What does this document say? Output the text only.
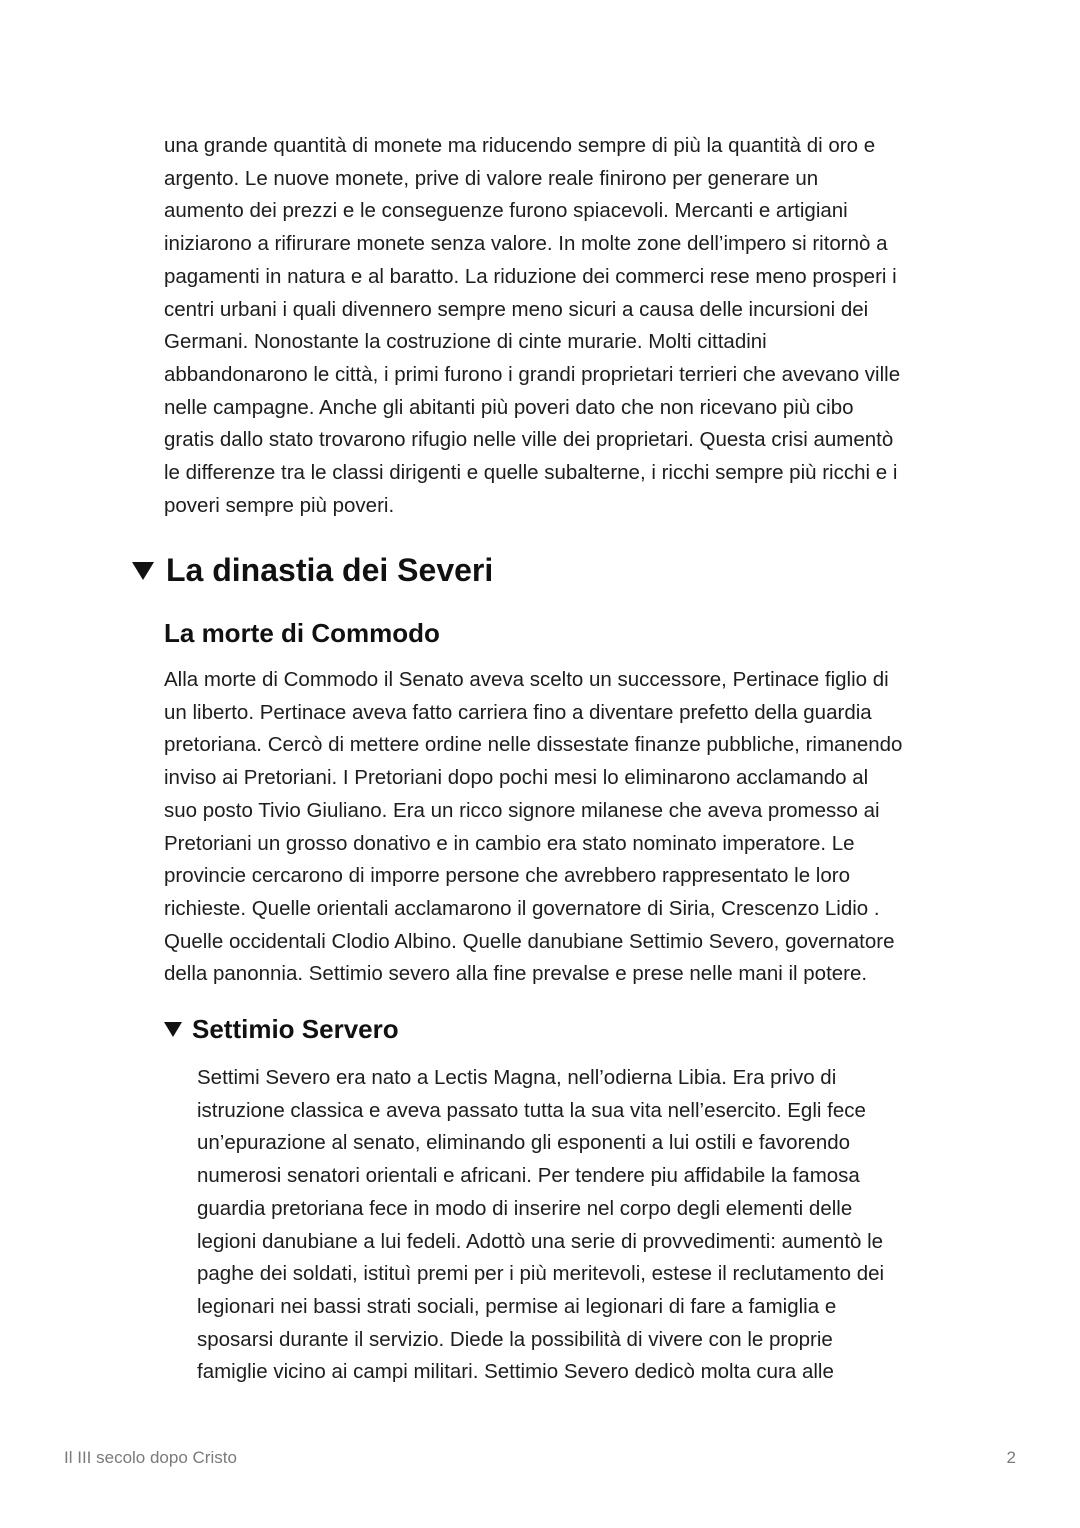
una grande quantità di monete ma riducendo sempre di più la quantità di oro e
argento. Le nuove monete, prive di valore reale finirono per generare un
aumento dei prezzi e le conseguenze furono spiacevoli. Mercanti e artigiani
iniziarono a rifirurare monete senza valore. In molte zone dell’impero si ritornò a
pagamenti in natura e al baratto. La riduzione dei commerci rese meno prosperi i
centri urbani i quali divennero sempre meno sicuri a causa delle incursioni dei
Germani. Nonostante la costruzione di cinte murarie. Molti cittadini
abbandonarono le città, i primi furono i grandi proprietari terrieri che avevano ville
nelle campagne. Anche gli abitanti più poveri dato che non ricevano più cibo
gratis dallo stato trovarono rifugio nelle ville dei proprietari. Questa crisi aumentò
le differenze tra le classi dirigenti e quelle subalterne, i ricchi sempre più ricchi e i
poveri sempre più poveri.

La dinastia dei Severi
La morte di Commodo

Alla morte di Commodo il Senato aveva scelto un successore, Pertinace figlio di
un liberto. Pertinace aveva fatto carriera fino a diventare prefetto della guardia
pretoriana. Cercò di mettere ordine nelle dissestate finanze pubbliche, rimanendo
inviso ai Pretoriani. I Pretoriani dopo pochi mesi lo eliminarono acclamando al
suo posto Tivio Giuliano. Era un ricco signore milanese che aveva promesso ai
Pretoriani un grosso donativo e in cambio era stato nominato imperatore. Le
provincie cercarono di imporre persone che avrebbero rappresentato le loro
richieste. Quelle orientali acclamarono il governatore di Siria, Crescenzo Lidio .
Quelle occidentali Clodio Albino. Quelle danubiane Settimio Severo, governatore
della panonnia. Settimio severo alla fine prevalse e prese nelle mani il potere.

Settimio Servero

Settimi Severo era nato a Lectis Magna, nell’odierna Libia. Era privo di
istruzione classica e aveva passato tutta la sua vita nell’esercito. Egli fece
un’epurazione al senato, eliminando gli esponenti a lui ostili e favorendo
numerosi senatori orientali e africani. Per tendere piu affidabile la famosa
guardia pretoriana fece in modo di inserire nel corpo degli elementi delle
legioni danubiane a lui fedeli. Adottò una serie di provvedimenti: aumentò le
paghe dei soldati, istituì premi per i più meritevoli, estese il reclutamento dei
legionari nei bassi strati sociali, permise ai legionari di fare a famiglia e
sposarsi durante il servizio. Diede la possibilità di vivere con le proprie
famiglie vicino ai campi militari. Settimio Severo dedicò molta cura alle

Il III secolo dopo Cristo	2
